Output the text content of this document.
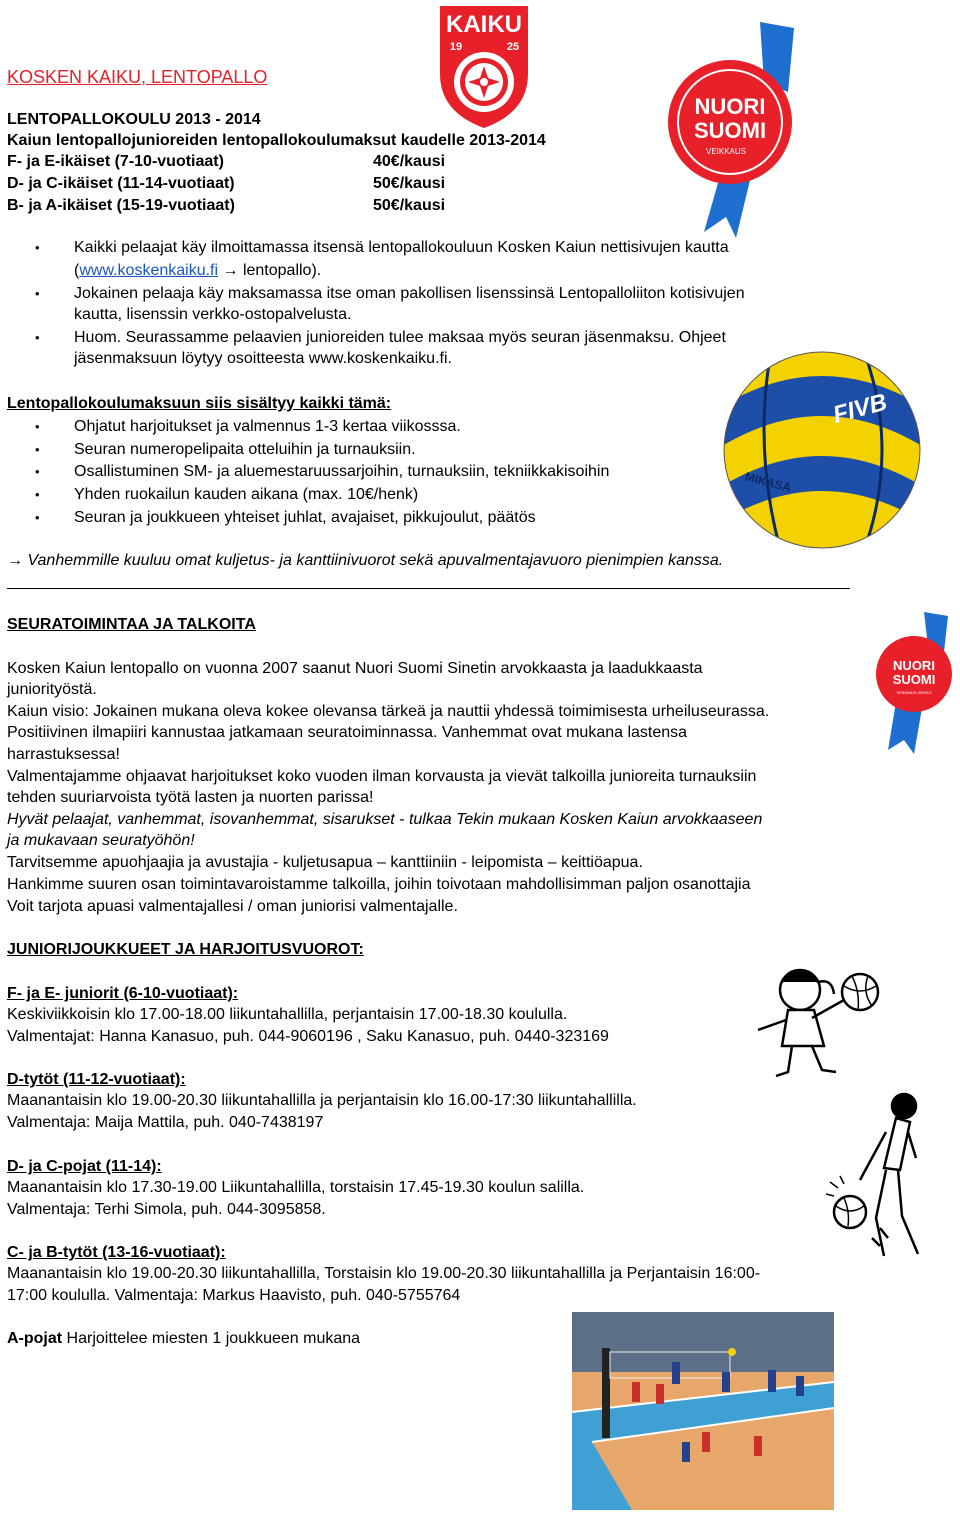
KOSKEN KAIKU, LENTOPALLO
LENTOPALLOKOULU 2013 - 2014
Kaiun lentopallojunioreiden lentopallokoulumaksut kaudelle 2013-2014
F- ja E-ikäiset (7-10-vuotiaat)	40€/kausi
D- ja C-ikäiset (11-14-vuotiaat)	50€/kausi
B- ja A-ikäiset (15-19-vuotiaat)	50€/kausi
KAIKU
19	25
NUORI
SUOMI
VEIKKAUS
• Kaikki pelaajat käy ilmoittamassa itsensä lentopallokouluun Kosken Kaiun nettisivujen kautta
(www.koskenkaiku.fi → lentopallo).
• Jokainen pelaaja käy maksamassa itse oman pakollisen lisenssinsä Lentopalloliiton kotisivujen
kautta, lisenssin verkko-ostopalvelusta.
• Huom. Seurassamme pelaavien junioreiden tulee maksaa myös seuran jäsenmaksu. Ohjeet
jäsenmaksuun löytyy osoitteesta www.koskenkaiku.fi.
FIVB
MIKASA
Lentopallokoulumaksuun siis sisältyy kaikki tämä:
• Ohjatut harjoitukset ja valmennus 1-3 kertaa viikosssa.
• Seuran numeropelipaita otteluihin ja turnauksiin.
• Osallistuminen SM- ja aluemestaruussarjoihin, turnauksiin, tekniikkakisoihin
• Yhden ruokailun kauden aikana (max. 10€/henk)
• Seuran ja joukkueen yhteiset juhlat, avajaiset, pikkujoulut, päätös
→ Vanhemmille kuuluu omat kuljetus- ja kanttiinivuorot sekä apuvalmentajavuoro pienimpien kanssa.
SEURATOIMINTAA JA TALKOITA
NUORI
SUOMI
VEIKKAUS KESKO
Kosken Kaiun lentopallo on vuonna 2007 saanut Nuori Suomi Sinetin arvokkaasta ja laadukkaasta
juniorityöstä.
Kaiun visio: Jokainen mukana oleva kokee olevansa tärkeä ja nauttii yhdessä toimimisesta urheiluseurassa.
Positiivinen ilmapiiri kannustaa jatkamaan seuratoiminnassa. Vanhemmat ovat mukana lastensa
harrastuksessa!
Valmentajamme ohjaavat harjoitukset koko vuoden ilman korvausta ja vievät talkoilla junioreita turnauksiin
tehden suuriarvoista työtä lasten ja nuorten parissa!
Hyvät pelaajat, vanhemmat, isovanhemmat, sisarukset - tulkaa Tekin mukaan Kosken Kaiun arvokkaaseen
ja mukavaan seuratyöhön!
Tarvitsemme apuohjaajia ja avustajia - kuljetusapua – kanttiiniin - leipomista – keittiöapua.
Hankimme suuren osan toimintavaroistamme talkoilla, joihin toivotaan mahdollisimman paljon osanottajia
Voit tarjota apuasi valmentajallesi / oman juniorisi valmentajalle.
JUNIORIJOUKKUEET JA HARJOITUSVUOROT:
F- ja E- juniorit (6-10-vuotiaat):
Keskiviikkoisin klo 17.00-18.00 liikuntahallilla, perjantaisin 17.00-18.30 koululla.
Valmentajat: Hanna Kanasuo, puh. 044-9060196 , Saku Kanasuo, puh. 0440-323169
D-tytöt (11-12-vuotiaat):
Maanantaisin klo 19.00-20.30 liikuntahallilla ja perjantaisin klo 16.00-17:30 liikuntahallilla.
Valmentaja: Maija Mattila, puh. 040-7438197
D- ja C-pojat (11-14):
Maanantaisin klo 17.30-19.00 Liikuntahallilla, torstaisin 17.45-19.30 koulun salilla.
Valmentaja: Terhi Simola, puh. 044-3095858.
C- ja B-tytöt (13-16-vuotiaat):
Maanantaisin klo 19.00-20.30 liikuntahallilla, Torstaisin klo 19.00-20.30 liikuntahallilla ja Perjantaisin 16:00-
17:00 koululla. Valmentaja: Markus Haavisto, puh. 040-5755764
A-pojat Harjoittelee miesten 1 joukkueen mukana
